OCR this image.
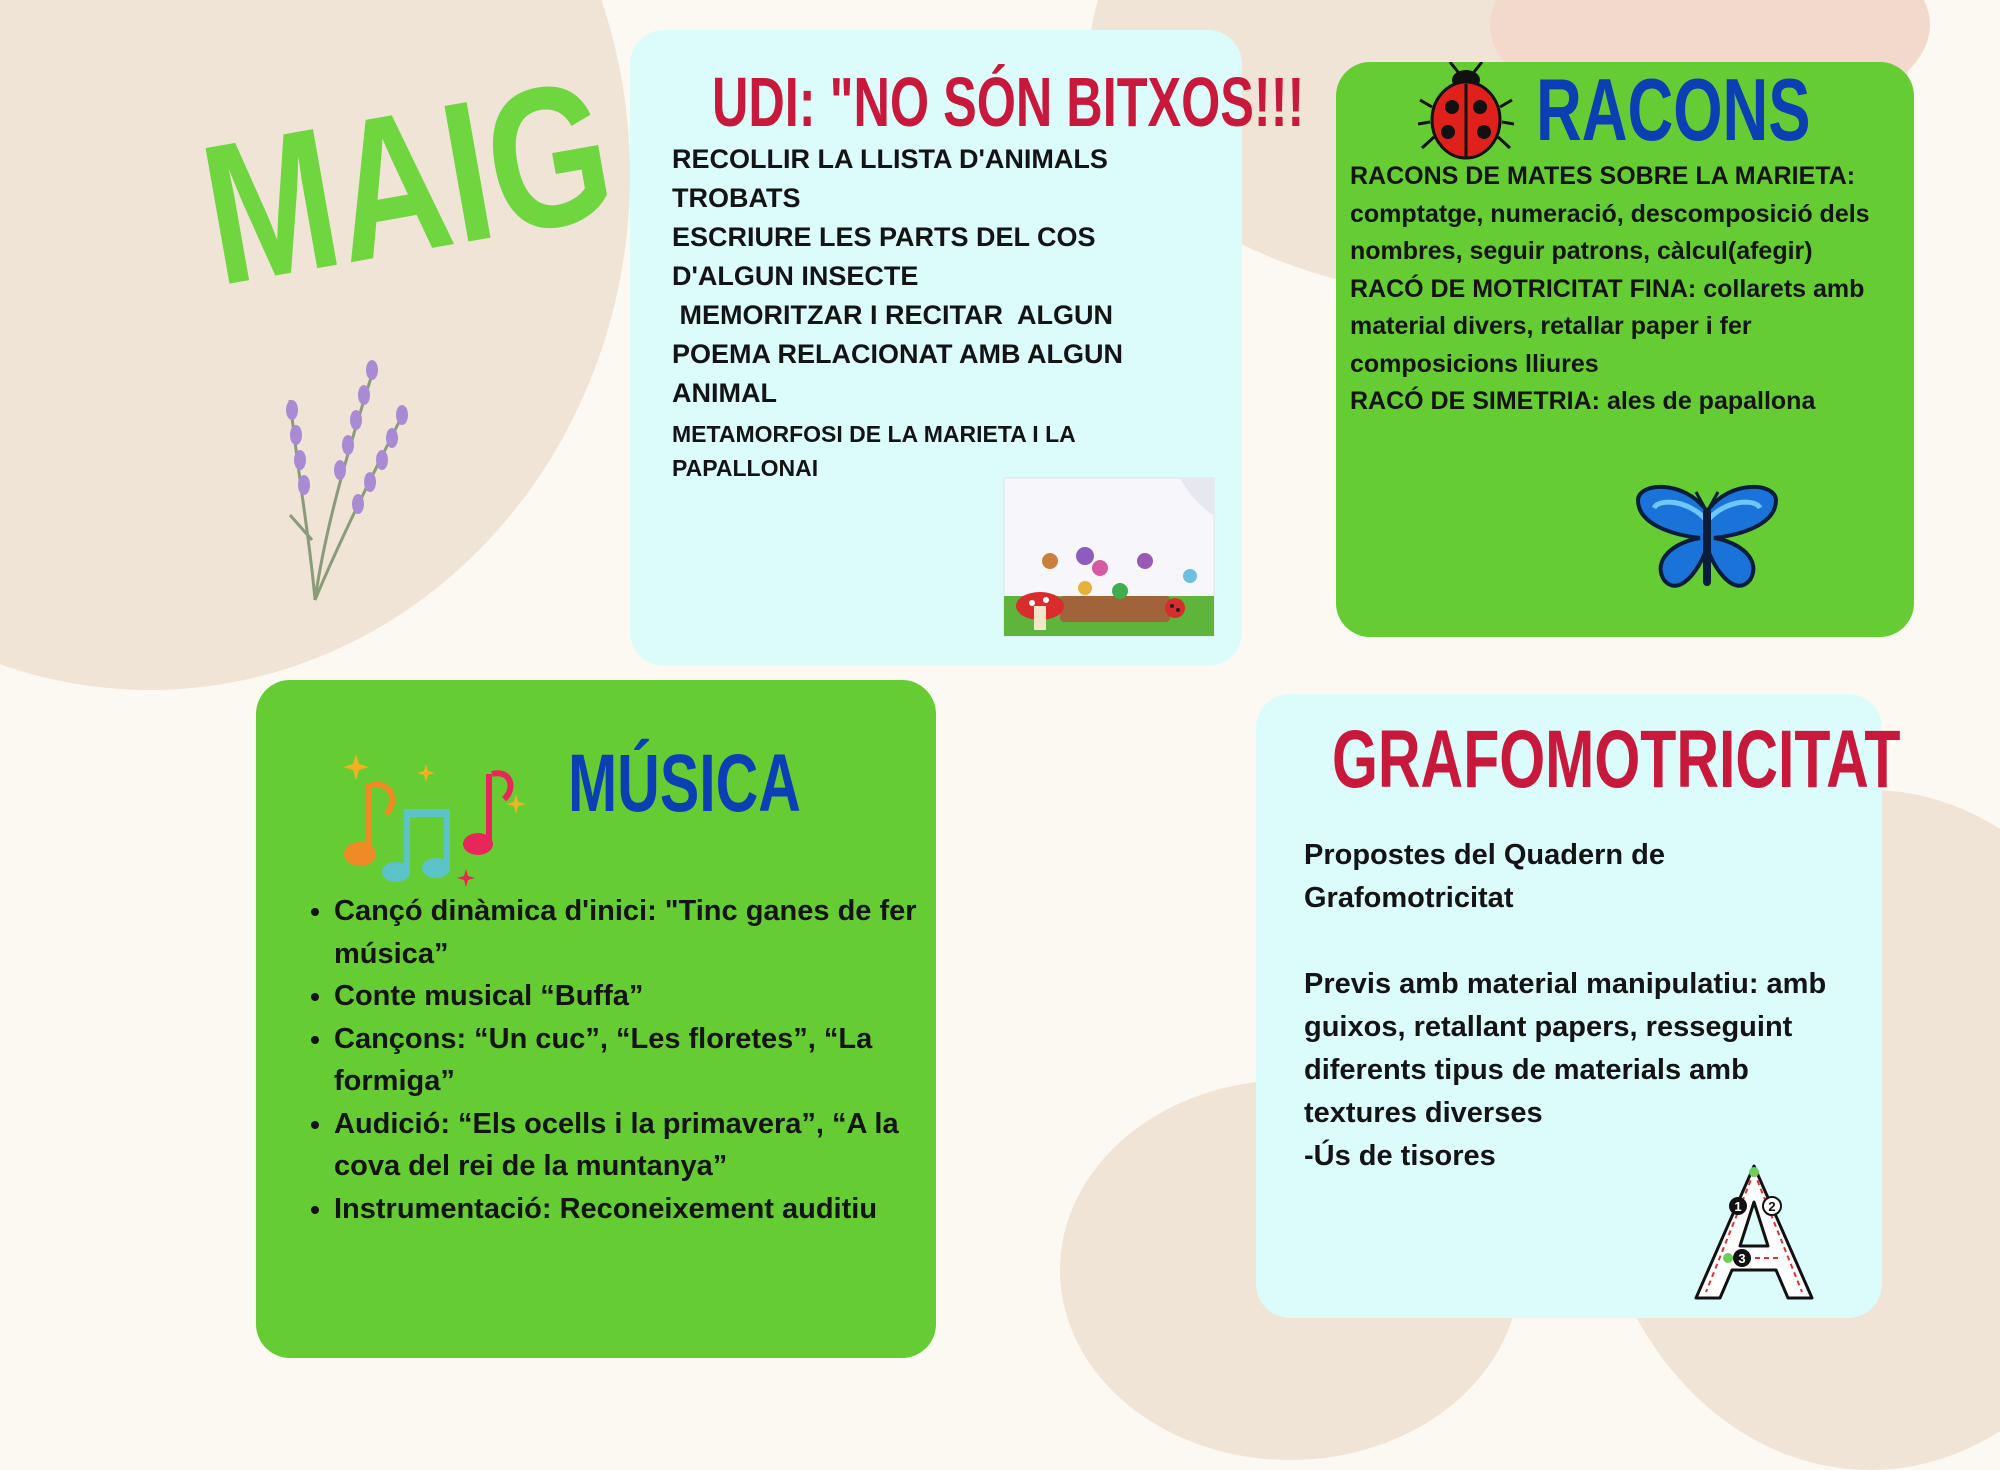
MAIG UDI: "NO SÓN BITXOS!!!
RECOLLIR LA LLISTA D'ANIMALS TROBATS
ESCRIURE LES PARTS DEL COS D'ALGUN INSECTE
MEMORITZAR I RECITAR  ALGUN POEMA RELACIONAT AMB ALGUN ANIMAL
METAMORFOSI DE LA MARIETA I LA PAPALLONAI
RACONS
RACONS DE MATES SOBRE LA MARIETA: comptatge, numeració, descomposició dels nombres, seguir patrons, càlcul(afegir)
RACÓ DE MOTRICITAT FINA: collarets amb material divers, retallar paper i fer composicions lliures
RACÓ DE SIMETRIA: ales de papallona
MÚSICA
• Cançó dinàmica d'inici: "Tinc ganes de fer música”
• Conte musical “Buffa”
• Cançons: “Un cuc”, “Les floretes”, “La formiga”
• Audició: “Els ocells i la primavera”, “A la cova del rei de la muntanya”
• Instrumentació: Reconeixement auditiu
GRAFOMOTRICITAT
Propostes del Quadern de Grafomotricitat
Previs amb material manipulatiu: amb guixos, retallant papers, resseguint diferents tipus de materials amb textures diverses
-Ús de tisores
1 2
3
